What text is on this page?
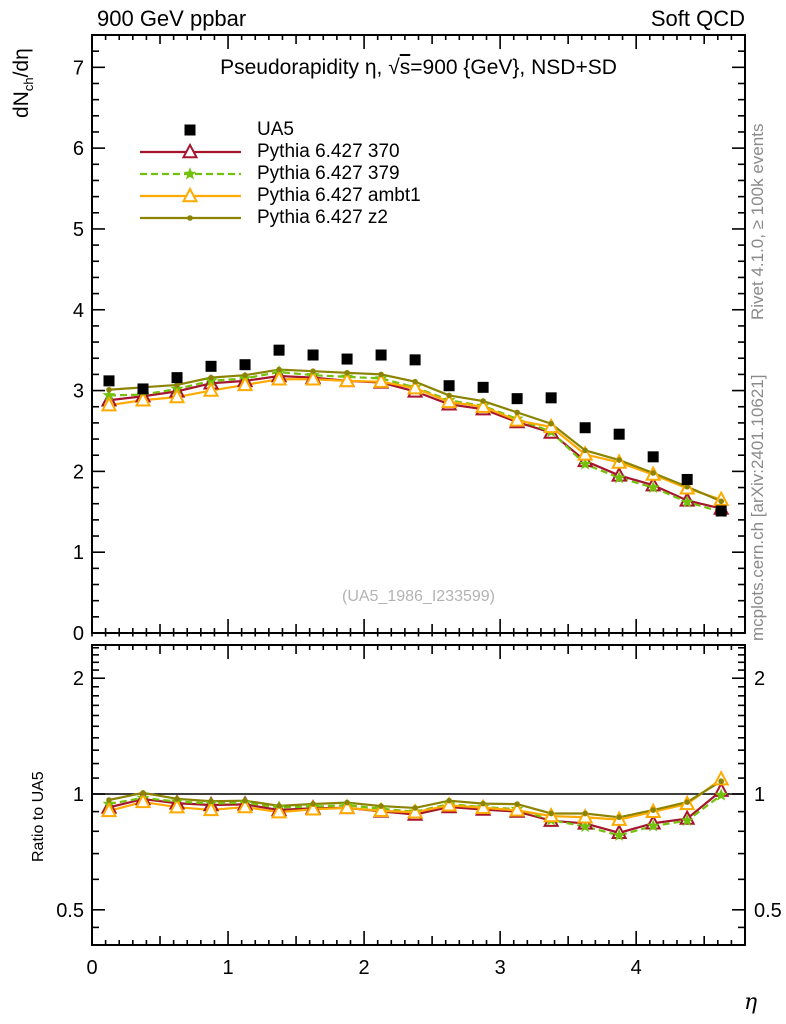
0	1	2	3	4
0
1
2
3
4
5
6
7
0.5	0.5
1	1
2	2
900 GeV ppbar	Soft QCD
Pseudorapidity η, √s=900 {GeV}, NSD+SD
$dN_{ch}/d\eta$
Ratio to UA5
Rivet 4.1.0, ≥ 100k events
mcplots.cern.ch [arXiv:2401.10621]
(UA5_1986_I233599)
η
UA5
Pythia 6.427 370
Pythia 6.427 379
Pythia 6.427 ambt1
Pythia 6.427 z2
